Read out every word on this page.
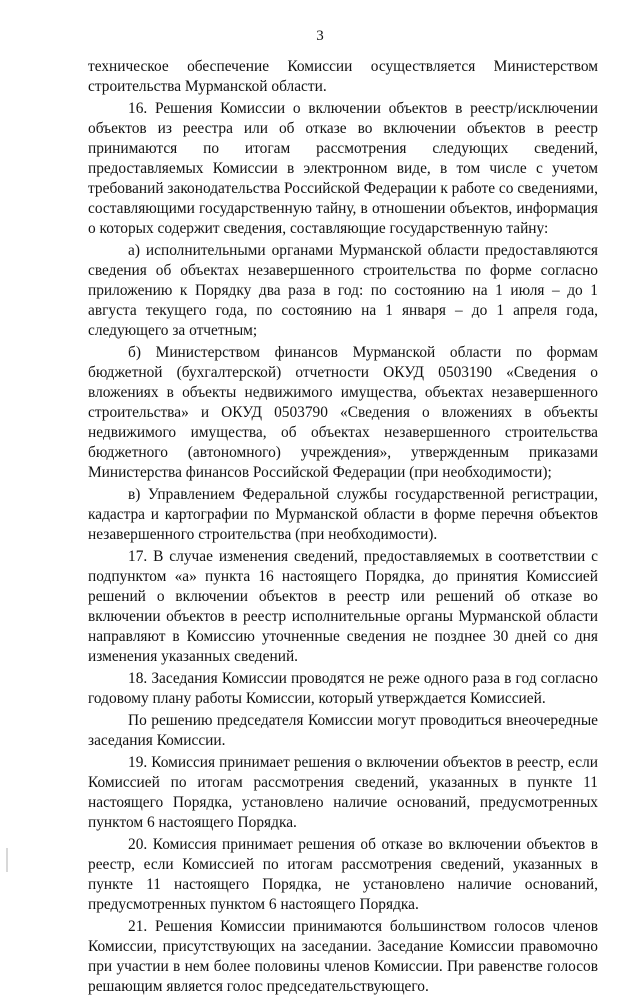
3

техническое обеспечение Комиссии осуществляется Министерством строительства Мурманской области.

16. Решения Комиссии о включении объектов в реестр/исключении объектов из реестра или об отказе во включении объектов в реестр принимаются по итогам рассмотрения следующих сведений, предоставляемых Комиссии в электронном виде, в том числе с учетом требований законодательства Российской Федерации к работе со сведениями, составляющими государственную тайну, в отношении объектов, информация о которых содержит сведения, составляющие государственную тайну:

а) исполнительными органами Мурманской области предоставляются сведения об объектах незавершенного строительства по форме согласно приложению к Порядку два раза в год: по состоянию на 1 июля – до 1 августа текущего года, по состоянию на 1 января – до 1 апреля года, следующего за отчетным;

б) Министерством финансов Мурманской области по формам бюджетной (бухгалтерской) отчетности ОКУД 0503190 «Сведения о вложениях в объекты недвижимого имущества, объектах незавершенного строительства» и ОКУД 0503790 «Сведения о вложениях в объекты недвижимого имущества, об объектах незавершенного строительства бюджетного (автономного) учреждения», утвержденным приказами Министерства финансов Российской Федерации (при необходимости);

в) Управлением Федеральной службы государственной регистрации, кадастра и картографии по Мурманской области в форме перечня объектов незавершенного строительства (при необходимости).

17. В случае изменения сведений, предоставляемых в соответствии с подпунктом «а» пункта 16 настоящего Порядка, до принятия Комиссией решений о включении объектов в реестр или решений об отказе во включении объектов в реестр исполнительные органы Мурманской области направляют в Комиссию уточненные сведения не позднее 30 дней со дня изменения указанных сведений.

18. Заседания Комиссии проводятся не реже одного раза в год согласно годовому плану работы Комиссии, который утверждается Комиссией.

По решению председателя Комиссии могут проводиться внеочередные заседания Комиссии.

19. Комиссия принимает решения о включении объектов в реестр, если Комиссией по итогам рассмотрения сведений, указанных в пункте 11 настоящего Порядка, установлено наличие оснований, предусмотренных пунктом 6 настоящего Порядка.

20. Комиссия принимает решения об отказе во включении объектов в реестр, если Комиссией по итогам рассмотрения сведений, указанных в пункте 11 настоящего Порядка, не установлено наличие оснований, предусмотренных пунктом 6 настоящего Порядка.

21. Решения Комиссии принимаются большинством голосов членов Комиссии, присутствующих на заседании. Заседание Комиссии правомочно при участии в нем более половины членов Комиссии. При равенстве голосов решающим является голос председательствующего.
